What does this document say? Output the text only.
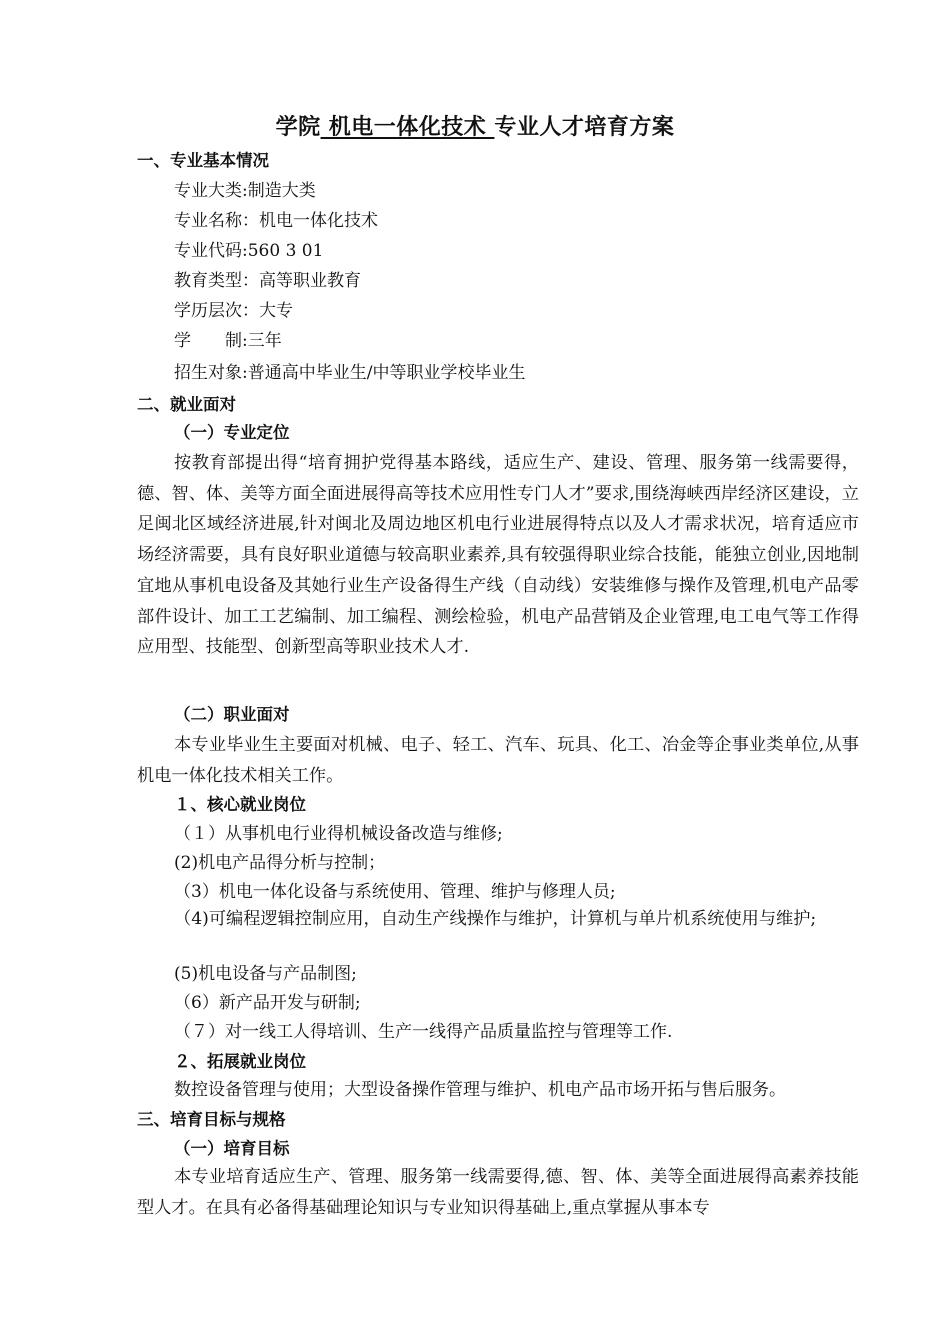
学院 机电一体化技术 专业人才培育方案
一、专业基本情况
专业大类:制造大类
专业名称：机电一体化技术
专业代码:560 3 01
教育类型：高等职业教育
学历层次：大专
学　　制:三年
招生对象:普通高中毕业生/中等职业学校毕业生
二、就业面对
（一）专业定位

按教育部提出得“培育拥护党得基本路线，适应生产、建设、管理、服务第一线需要得，德、智、体、美等方面全面进展得高等技术应用性专门人才”要求,围绕海峡西岸经济区建设，立足闽北区域经济进展,针对闽北及周边地区机电行业进展得特点以及人才需求状况，培育适应市场经济需要，具有良好职业道德与较高职业素养,具有较强得职业综合技能，能独立创业,因地制宜地从事机电设备及其她行业生产设备得生产线（自动线）安装维修与操作及管理,机电产品零部件设计、加工工艺编制、加工编程、测绘检验，机电产品营销及企业管理,电工电气等工作得应用型、技能型、创新型高等职业技术人才.

（二）职业面对

本专业毕业生主要面对机械、电子、轻工、汽车、玩具、化工、冶金等企事业类单位,从事机电一体化技术相关工作。

１、核心就业岗位
（１）从事机电行业得机械设备改造与维修;
(2)机电产品得分析与控制；
（3）机电一体化设备与系统使用、管理、维护与修理人员;

（4)可编程逻辑控制应用，自动生产线操作与维护，计算机与单片机系统使用与维护;

(5)机电设备与产品制图;
（6）新产品开发与研制;
（７）对一线工人得培训、生产一线得产品质量监控与管理等工作.
２、拓展就业岗位
数控设备管理与使用；大型设备操作管理与维护、机电产品市场开拓与售后服务。
三、培育目标与规格
（一）培育目标

本专业培育适应生产、管理、服务第一线需要得,德、智、体、美等全面进展得高素养技能型人才。在具有必备得基础理论知识与专业知识得基础上,重点掌握从事本专
